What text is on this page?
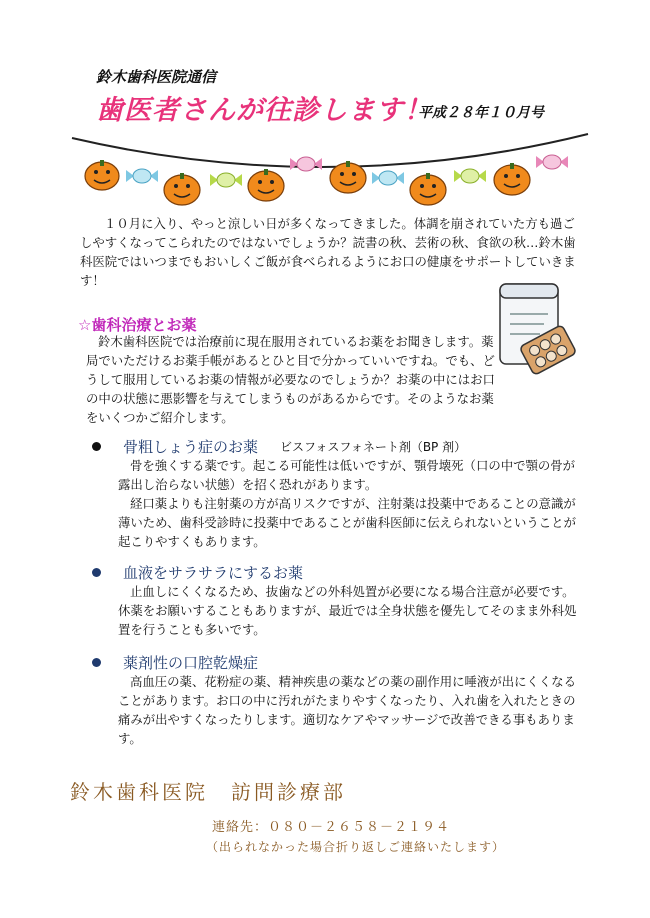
鈴木歯科医院通信
歯医者さんが往診します！
平成２８年１０月号

１０月に入り、やっと涼しい日が多くなってきました。体調を崩されていた方も過ごしやすくなってこられたのではないでしょうか？読書の秋、芸術の秋、食欲の秋…鈴木歯科医院ではいつまでもおいしくご飯が食べられるようにお口の健康をサポートしていきます！

☆歯科治療とお薬

鈴木歯科医院では治療前に現在服用されているお薬をお聞きします。薬局でいただけるお薬手帳があるとひと目で分かっていいですね。でも、どうして服用しているお薬の情報が必要なのでしょうか？お薬の中にはお口の中の状態に悪影響を与えてしまうものがあるからです。そのようなお薬をいくつかご紹介します。

骨粗しょう症のお薬 ビスフォスフォネート剤（BP 剤）

骨を強くする薬です。起こる可能性は低いですが、顎骨壊死（口の中で顎の骨が露出し治らない状態）を招く恐れがあります。

経口薬よりも注射薬の方が高リスクですが、注射薬は投薬中であることの意識が薄いため、歯科受診時に投薬中であることが歯科医師に伝えられないということが起こりやすくもあります。

血液をサラサラにするお薬

止血しにくくなるため、抜歯などの外科処置が必要になる場合注意が必要です。休薬をお願いすることもありますが、最近では全身状態を優先してそのまま外科処置を行うことも多いです。

薬剤性の口腔乾燥症

高血圧の薬、花粉症の薬、精神疾患の薬などの薬の副作用に唾液が出にくくなることがあります。お口の中に汚れがたまりやすくなったり、入れ歯を入れたときの痛みが出やすくなったりします。適切なケアやマッサージで改善できる事もあります。

鈴木歯科医院　訪問診療部
連絡先：０８０－２６５８－２１９４
（出られなかった場合折り返しご連絡いたします）
